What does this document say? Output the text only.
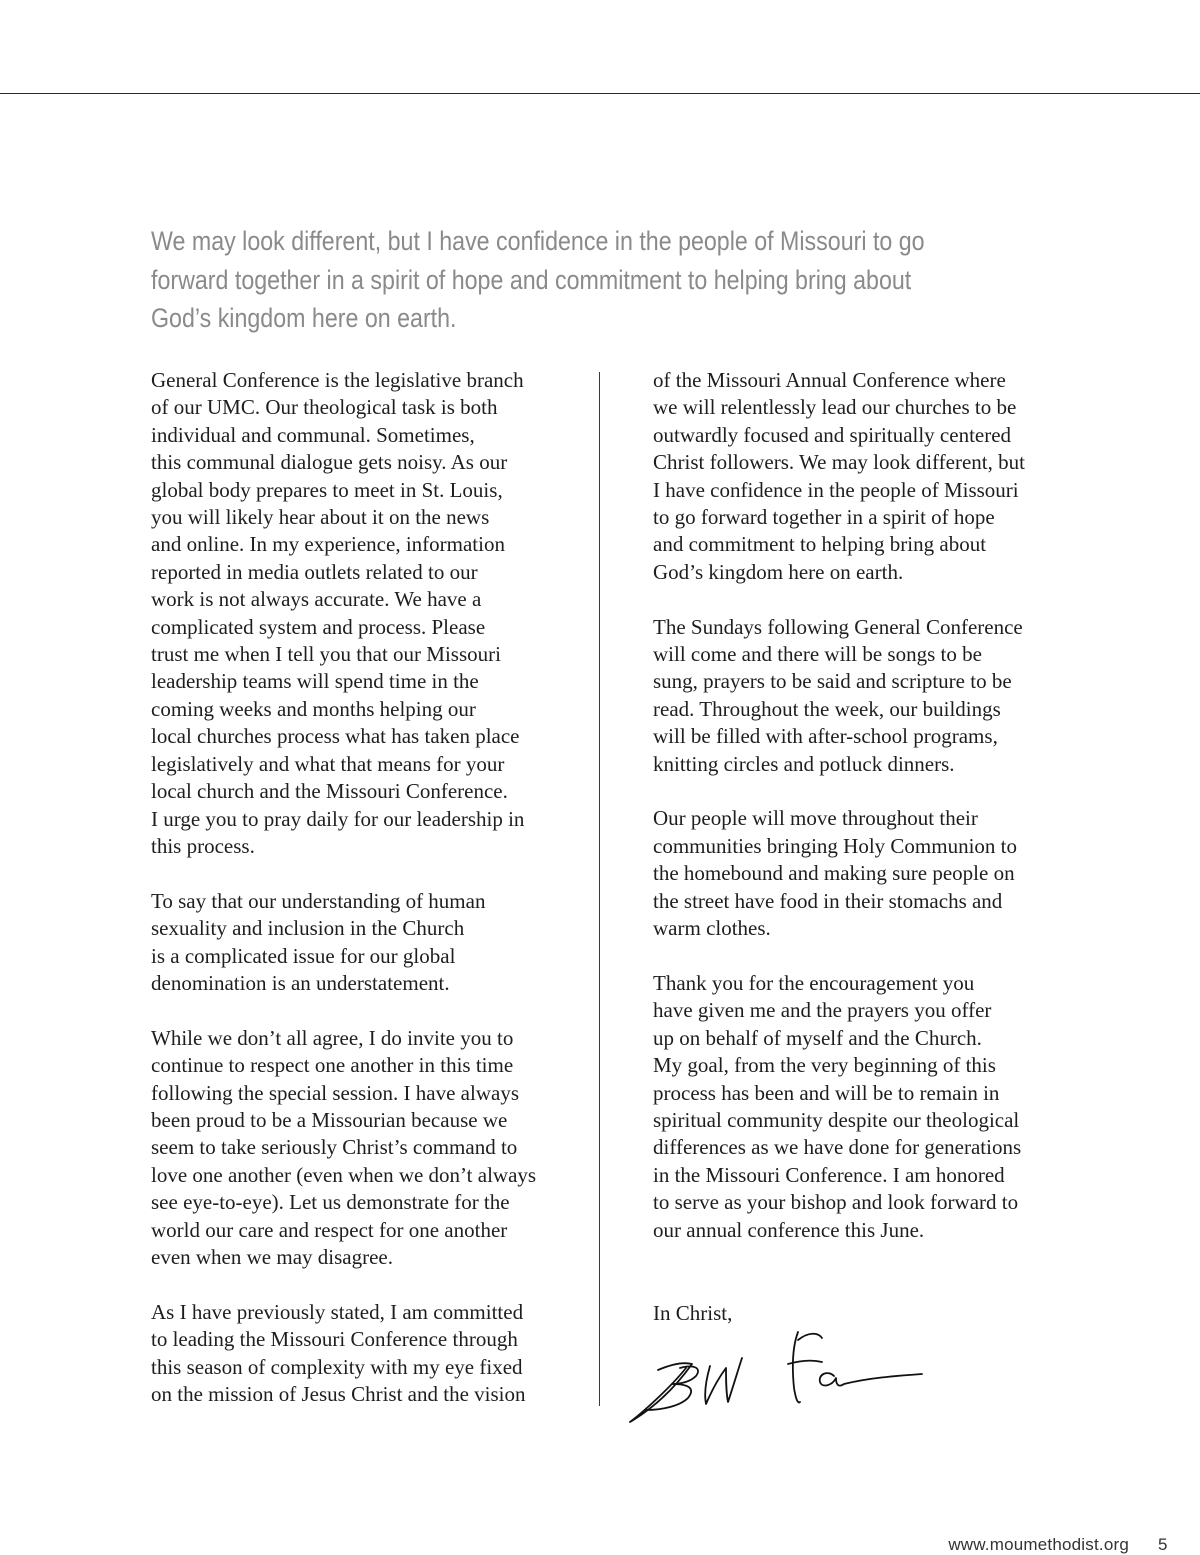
We may look different, but I have confidence in the people of Missouri to go
forward together in a spirit of hope and commitment to helping bring about
God’s kingdom here on earth.

General Conference is the legislative branch
of our UMC. Our theological task is both
individual and communal. Sometimes,
this communal dialogue gets noisy. As our
global body prepares to meet in St. Louis,
you will likely hear about it on the news
and online. In my experience, information
reported in media outlets related to our
work is not always accurate. We have a
complicated system and process. Please
trust me when I tell you that our Missouri
leadership teams will spend time in the
coming weeks and months helping our
local churches process what has taken place
legislatively and what that means for your
local church and the Missouri Conference.
I urge you to pray daily for our leadership in
this process.

To say that our understanding of human
sexuality and inclusion in the Church
is a complicated issue for our global
denomination is an understatement.

While we don’t all agree, I do invite you to
continue to respect one another in this time
following the special session. I have always
been proud to be a Missourian because we
seem to take seriously Christ’s command to
love one another (even when we don’t always
see eye-to-eye). Let us demonstrate for the
world our care and respect for one another
even when we may disagree.

As I have previously stated, I am committed
to leading the Missouri Conference through
this season of complexity with my eye fixed
on the mission of Jesus Christ and the vision

of the Missouri Annual Conference where
we will relentlessly lead our churches to be
outwardly focused and spiritually centered
Christ followers. We may look different, but
I have confidence in the people of Missouri
to go forward together in a spirit of hope
and commitment to helping bring about
God’s kingdom here on earth.

The Sundays following General Conference
will come and there will be songs to be
sung, prayers to be said and scripture to be
read. Throughout the week, our buildings
will be filled with after-school programs,
knitting circles and potluck dinners.

Our people will move throughout their
communities bringing Holy Communion to
the homebound and making sure people on
the street have food in their stomachs and
warm clothes.

Thank you for the encouragement you
have given me and the prayers you offer
up on behalf of myself and the Church.
My goal, from the very beginning of this
process has been and will be to remain in
spiritual community despite our theological
differences as we have done for generations
in the Missouri Conference. I am honored
to serve as your bishop and look forward to
our annual conference this June.

In Christ,

www.moumethodist.org 5
